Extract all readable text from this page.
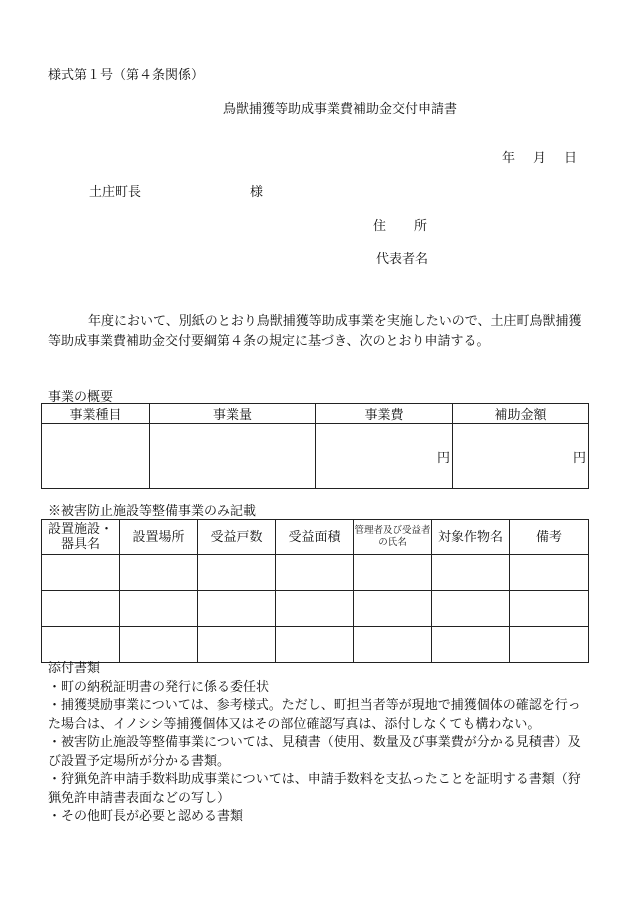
様式第１号（第４条関係）
鳥獣捕獲等助成事業費補助金交付申請書
年 月 日
土庄町長	様
住 所
代表者名
年度において、別紙のとおり鳥獣捕獲等助成事業を実施したいので、土庄町鳥獣捕獲等助成事業費補助金交付要綱第４条の規定に基づき、次のとおり申請する。
事業の概要
事業種目	事業量	事業費	補助金額
		円	円
※被害防止施設等整備事業のみ記載
設置施設・器具名	設置場所	受益戸数	受益面積	管理者及び受益者の氏名	対象作物名	備考

添付書類
・町の納税証明書の発行に係る委任状
・捕獲奨励事業については、参考様式。ただし、町担当者等が現地で捕獲個体の確認を行った場合は、イノシシ等捕獲個体又はその部位確認写真は、添付しなくても構わない。
・被害防止施設等整備事業については、見積書（使用、数量及び事業費が分かる見積書）及び設置予定場所が分かる書類。
・狩猟免許申請手数料助成事業については、申請手数料を支払ったことを証明する書類（狩猟免許申請書表面などの写し）
・その他町長が必要と認める書類
